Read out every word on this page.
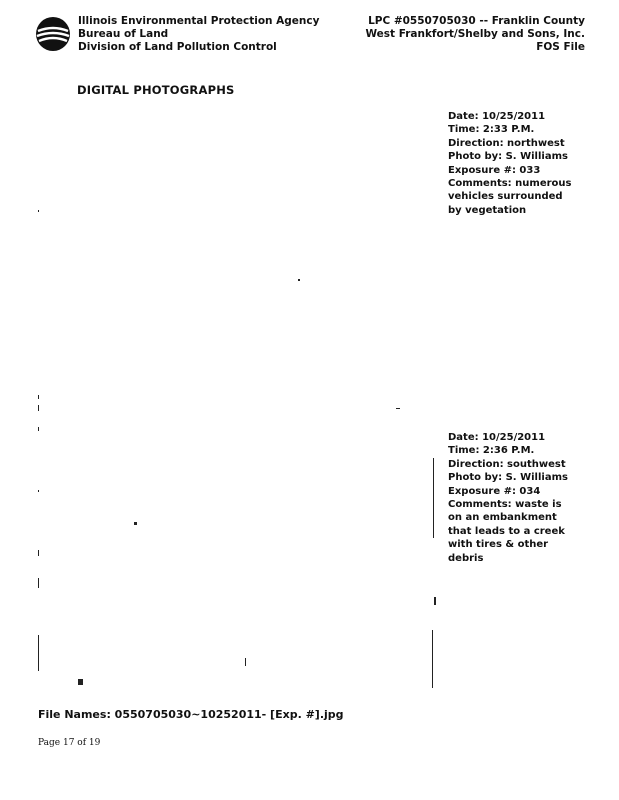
Illinois Environmental Protection Agency
Bureau of Land
Division of Land Pollution Control
LPC #0550705030 -- Franklin County
West Frankfort/Shelby and Sons, Inc.
FOS File
DIGITAL PHOTOGRAPHS
Date: 10/25/2011
Time: 2:33 P.M.
Direction: northwest
Photo by: S. Williams
Exposure #: 033
Comments: numerous vehicles surrounded by vegetation
Date: 10/25/2011
Time: 2:36 P.M.
Direction: southwest
Photo by: S. Williams
Exposure #: 034
Comments: waste is on an embankment that leads to a creek with tires & other debris
File Names: 0550705030~10252011- [Exp. #].jpg
Page 17 of 19
